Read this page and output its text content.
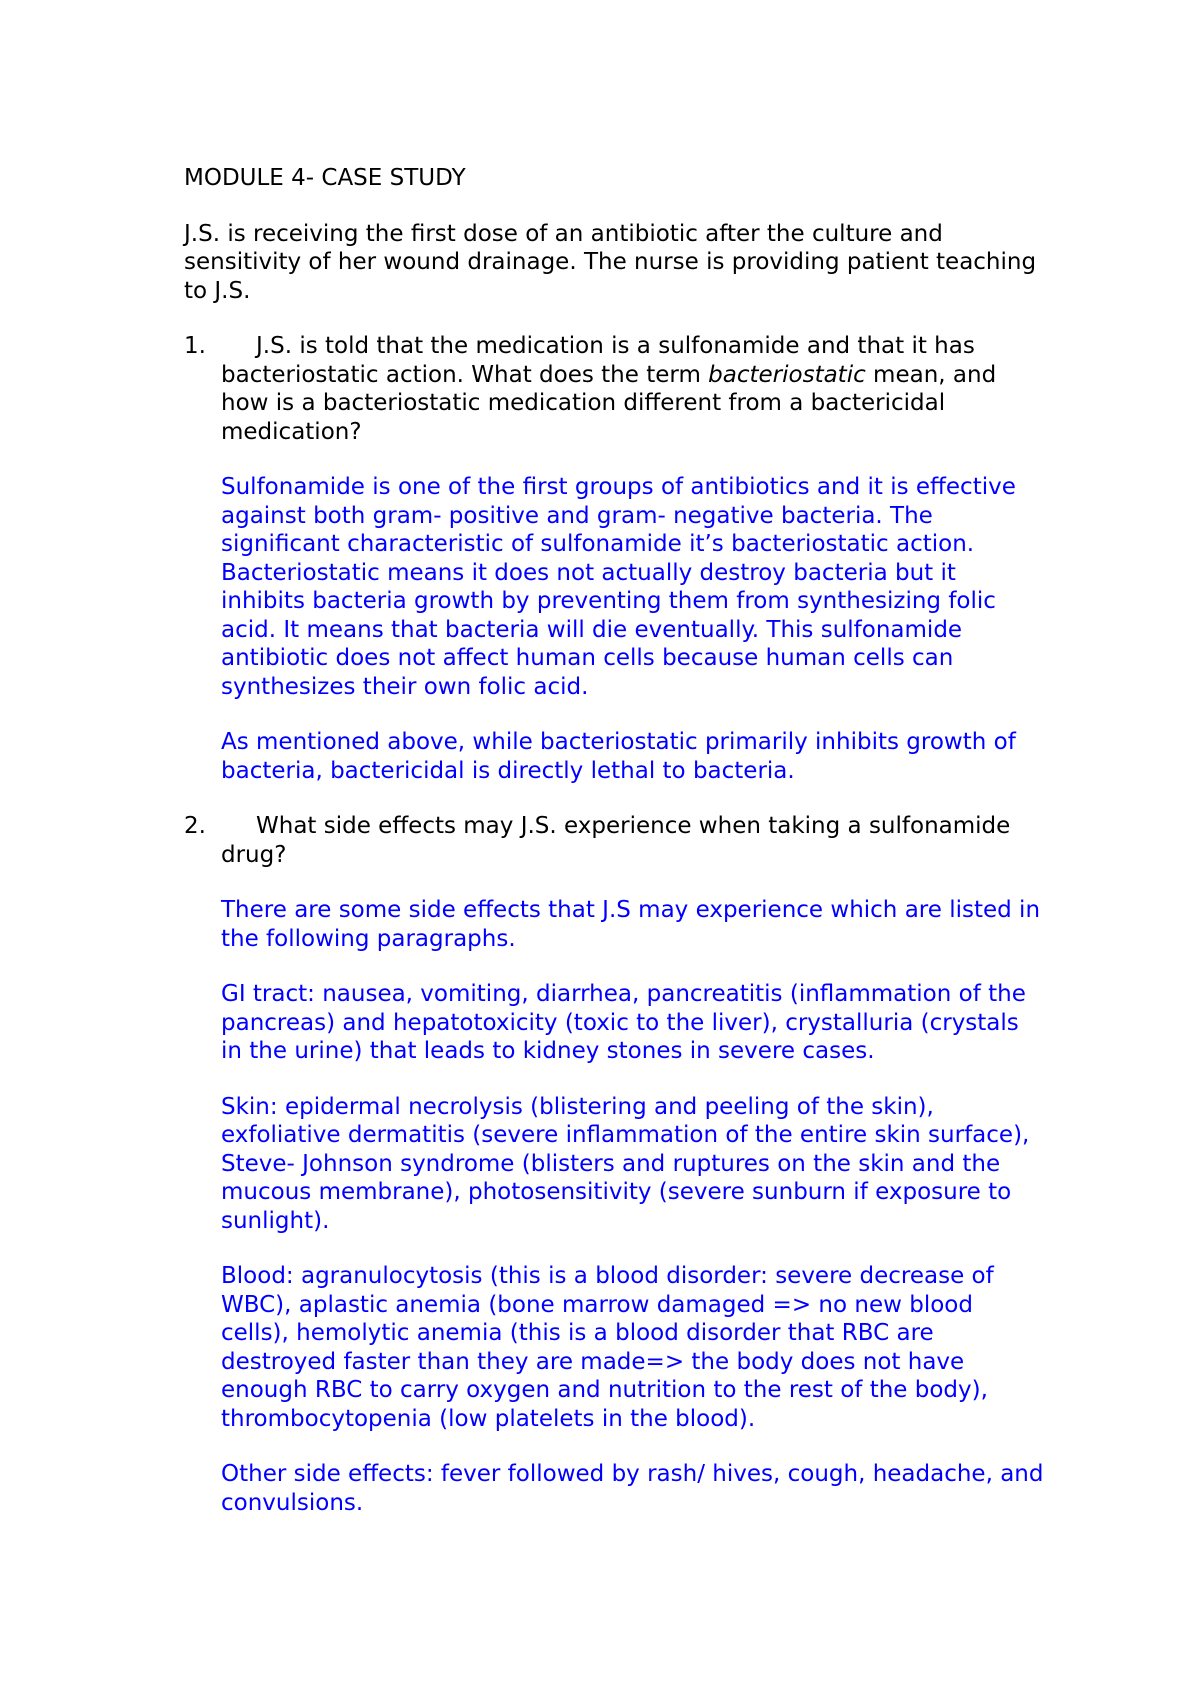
MODULE 4- CASE STUDY

J.S. is receiving the first dose of an antibiotic after the culture and sensitivity of her wound drainage. The nurse is providing patient teaching to J.S.

1.	J.S. is told that the medication is a sulfonamide and that it has bacteriostatic action. What does the term bacteriostatic mean, and how is a bacteriostatic medication different from a bactericidal medication?

Sulfonamide is one of the first groups of antibiotics and it is effective against both gram- positive and gram- negative bacteria. The significant characteristic of sulfonamide it’s bacteriostatic action. Bacteriostatic means it does not actually destroy bacteria but it inhibits bacteria growth by preventing them from synthesizing folic acid. It means that bacteria will die eventually. This sulfonamide antibiotic does not affect human cells because human cells can synthesizes their own folic acid.

As mentioned above, while bacteriostatic primarily inhibits growth of bacteria, bactericidal is directly lethal to bacteria.

2.	What side effects may J.S. experience when taking a sulfonamide drug?

There are some side effects that J.S may experience which are listed in the following paragraphs.

GI tract: nausea, vomiting, diarrhea, pancreatitis (inflammation of the pancreas) and hepatotoxicity (toxic to the liver), crystalluria (crystals in the urine) that leads to kidney stones in severe cases.

Skin: epidermal necrolysis (blistering and peeling of the skin), exfoliative dermatitis (severe inflammation of the entire skin surface), Steve- Johnson syndrome (blisters and ruptures on the skin and the mucous membrane), photosensitivity (severe sunburn if exposure to sunlight).

Blood: agranulocytosis (this is a blood disorder: severe decrease of WBC), aplastic anemia (bone marrow damaged => no new blood cells), hemolytic anemia (this is a blood disorder that RBC are destroyed faster than they are made=> the body does not have enough RBC to carry oxygen and nutrition to the rest of the body), thrombocytopenia (low platelets in the blood).

Other side effects: fever followed by rash/ hives, cough, headache, and convulsions.
